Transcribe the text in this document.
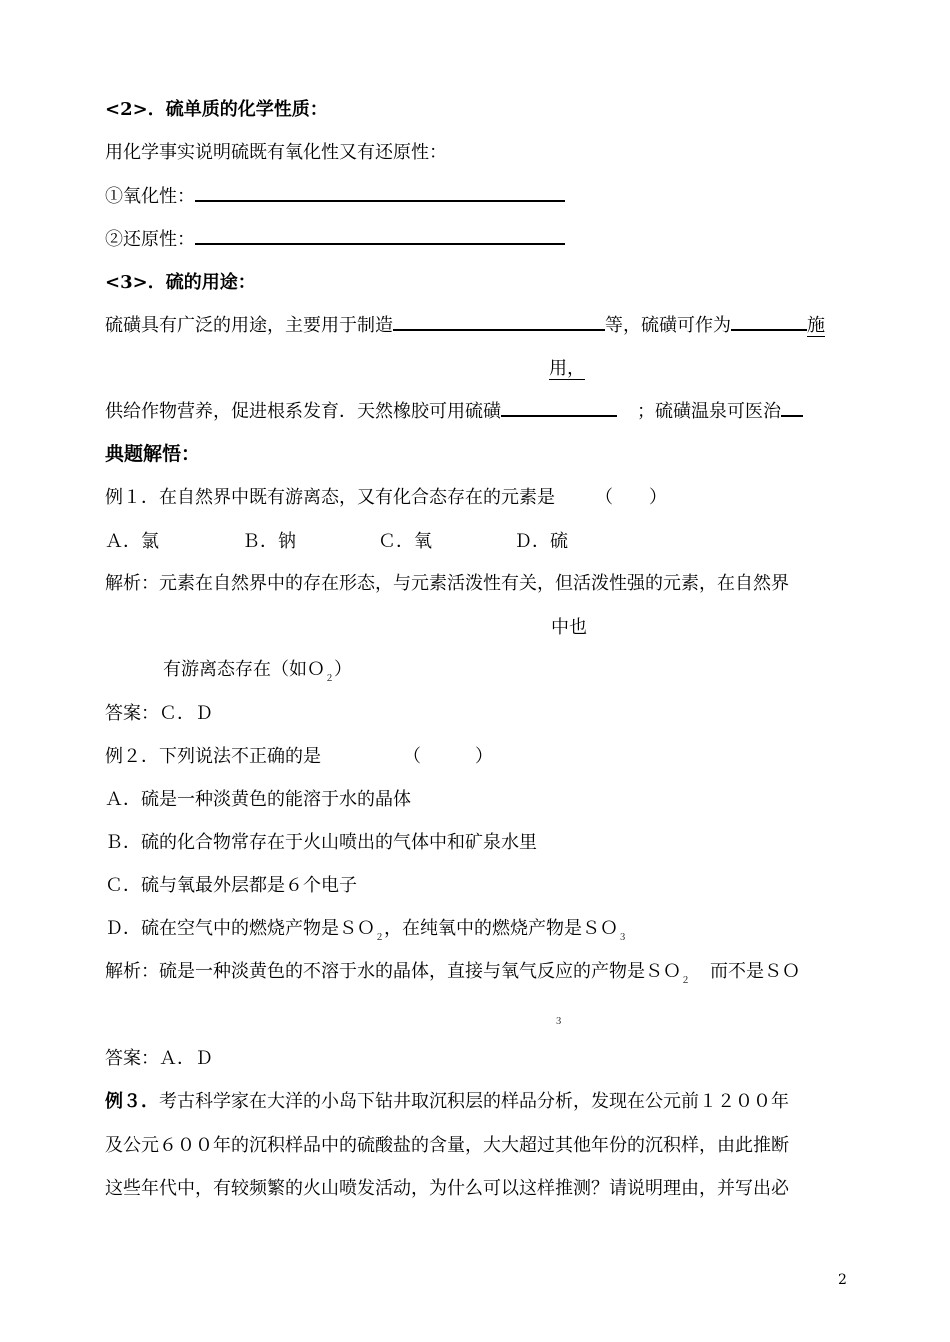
<2>．硫单质的化学性质：
用化学事实说明硫既有氧化性又有还原性：
①氧化性：
②还原性：
<3>．硫的用途：
硫磺具有广泛的用途，主要用于制造	等，硫磺可作为	施
用，
供给作物营养，促进根系发育．天然橡胶可用硫磺	；硫磺温泉可医治
典题解悟：
例１．在自然界中既有游离态，又有化合态存在的元素是 （　　）
Ａ．氯	Ｂ．钠	Ｃ．氧	Ｄ．硫
解析：元素在自然界中的存在形态，与元素活泼性有关，但活泼性强的元素，在自然界
中也
有游离态存在（如Ｏ$_2$）
答案：Ｃ．Ｄ
例２．下列说法不正确的是	（　　　）
Ａ．硫是一种淡黄色的能溶于水的晶体
Ｂ．硫的化合物常存在于火山喷出的气体中和矿泉水里
Ｃ．硫与氧最外层都是６个电子
Ｄ．硫在空气中的燃烧产物是ＳＯ$_2$，在纯氧中的燃烧产物是ＳＯ$_3$
解析：硫是一种淡黄色的不溶于水的晶体，直接与氧气反应的产物是ＳＯ$_2$ 而不是ＳＯ
３
答案：Ａ．Ｄ
例３．考古科学家在大洋的小岛下钻井取沉积层的样品分析，发现在公元前１２００年
及公元６００年的沉积样品中的硫酸盐的含量，大大超过其他年份的沉积样，由此推断
这些年代中，有较频繁的火山喷发活动，为什么可以这样推测？请说明理由，并写出必
2
